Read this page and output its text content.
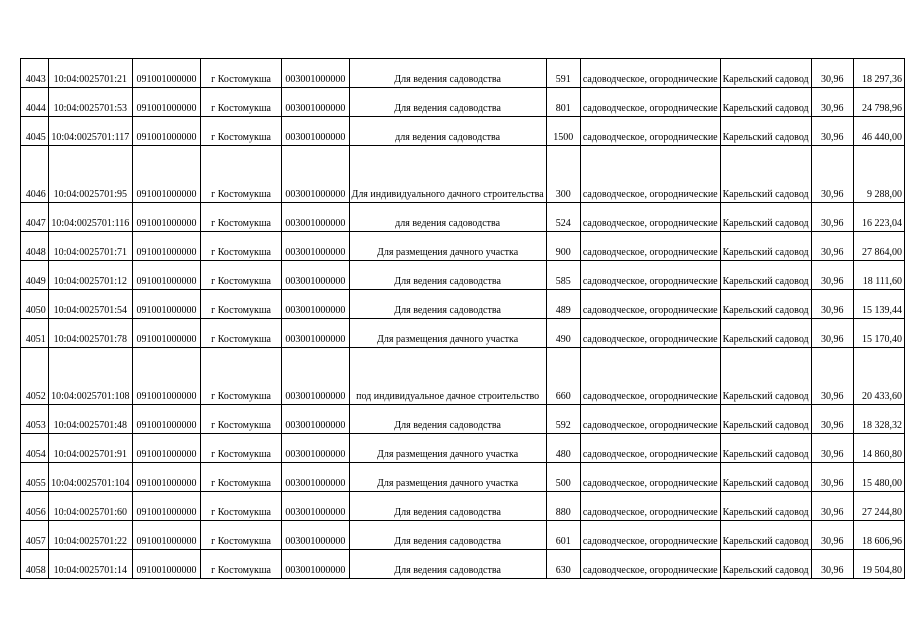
4043	10:04:0025701:21	091001000000	г Костомукша	003001000000	Для ведения садоводства	591	садоводческое, огороднические	Карельский садовод	30,96	18 297,36
4044	10:04:0025701:53	091001000000	г Костомукша	003001000000	Для ведения садоводства	801	садоводческое, огороднические	Карельский садовод	30,96	24 798,96
4045	10:04:0025701:117	091001000000	г Костомукша	003001000000	для ведения садоводства	1500	садоводческое, огороднические	Карельский садовод	30,96	46 440,00
4046	10:04:0025701:95	091001000000	г Костомукша	003001000000	Для индивидуального дачного строительства	300	садоводческое, огороднические	Карельский садовод	30,96	9 288,00
4047	10:04:0025701:116	091001000000	г Костомукша	003001000000	для ведения садоводства	524	садоводческое, огороднические	Карельский садовод	30,96	16 223,04
4048	10:04:0025701:71	091001000000	г Костомукша	003001000000	Для размещения дачного участка	900	садоводческое, огороднические	Карельский садовод	30,96	27 864,00
4049	10:04:0025701:12	091001000000	г Костомукша	003001000000	Для ведения садоводства	585	садоводческое, огороднические	Карельский садовод	30,96	18 111,60
4050	10:04:0025701:54	091001000000	г Костомукша	003001000000	Для ведения садоводства	489	садоводческое, огороднические	Карельский садовод	30,96	15 139,44
4051	10:04:0025701:78	091001000000	г Костомукша	003001000000	Для размещения дачного участка	490	садоводческое, огороднические	Карельский садовод	30,96	15 170,40
4052	10:04:0025701:108	091001000000	г Костомукша	003001000000	под индивидуальное дачное строительство	660	садоводческое, огороднические	Карельский садовод	30,96	20 433,60
4053	10:04:0025701:48	091001000000	г Костомукша	003001000000	Для ведения садоводства	592	садоводческое, огороднические	Карельский садовод	30,96	18 328,32
4054	10:04:0025701:91	091001000000	г Костомукша	003001000000	Для размещения дачного участка	480	садоводческое, огороднические	Карельский садовод	30,96	14 860,80
4055	10:04:0025701:104	091001000000	г Костомукша	003001000000	Для размещения дачного участка	500	садоводческое, огороднические	Карельский садовод	30,96	15 480,00
4056	10:04:0025701:60	091001000000	г Костомукша	003001000000	Для ведения садоводства	880	садоводческое, огороднические	Карельский садовод	30,96	27 244,80
4057	10:04:0025701:22	091001000000	г Костомукша	003001000000	Для ведения садоводства	601	садоводческое, огороднические	Карельский садовод	30,96	18 606,96
4058	10:04:0025701:14	091001000000	г Костомукша	003001000000	Для ведения садоводства	630	садоводческое, огороднические	Карельский садовод	30,96	19 504,80
